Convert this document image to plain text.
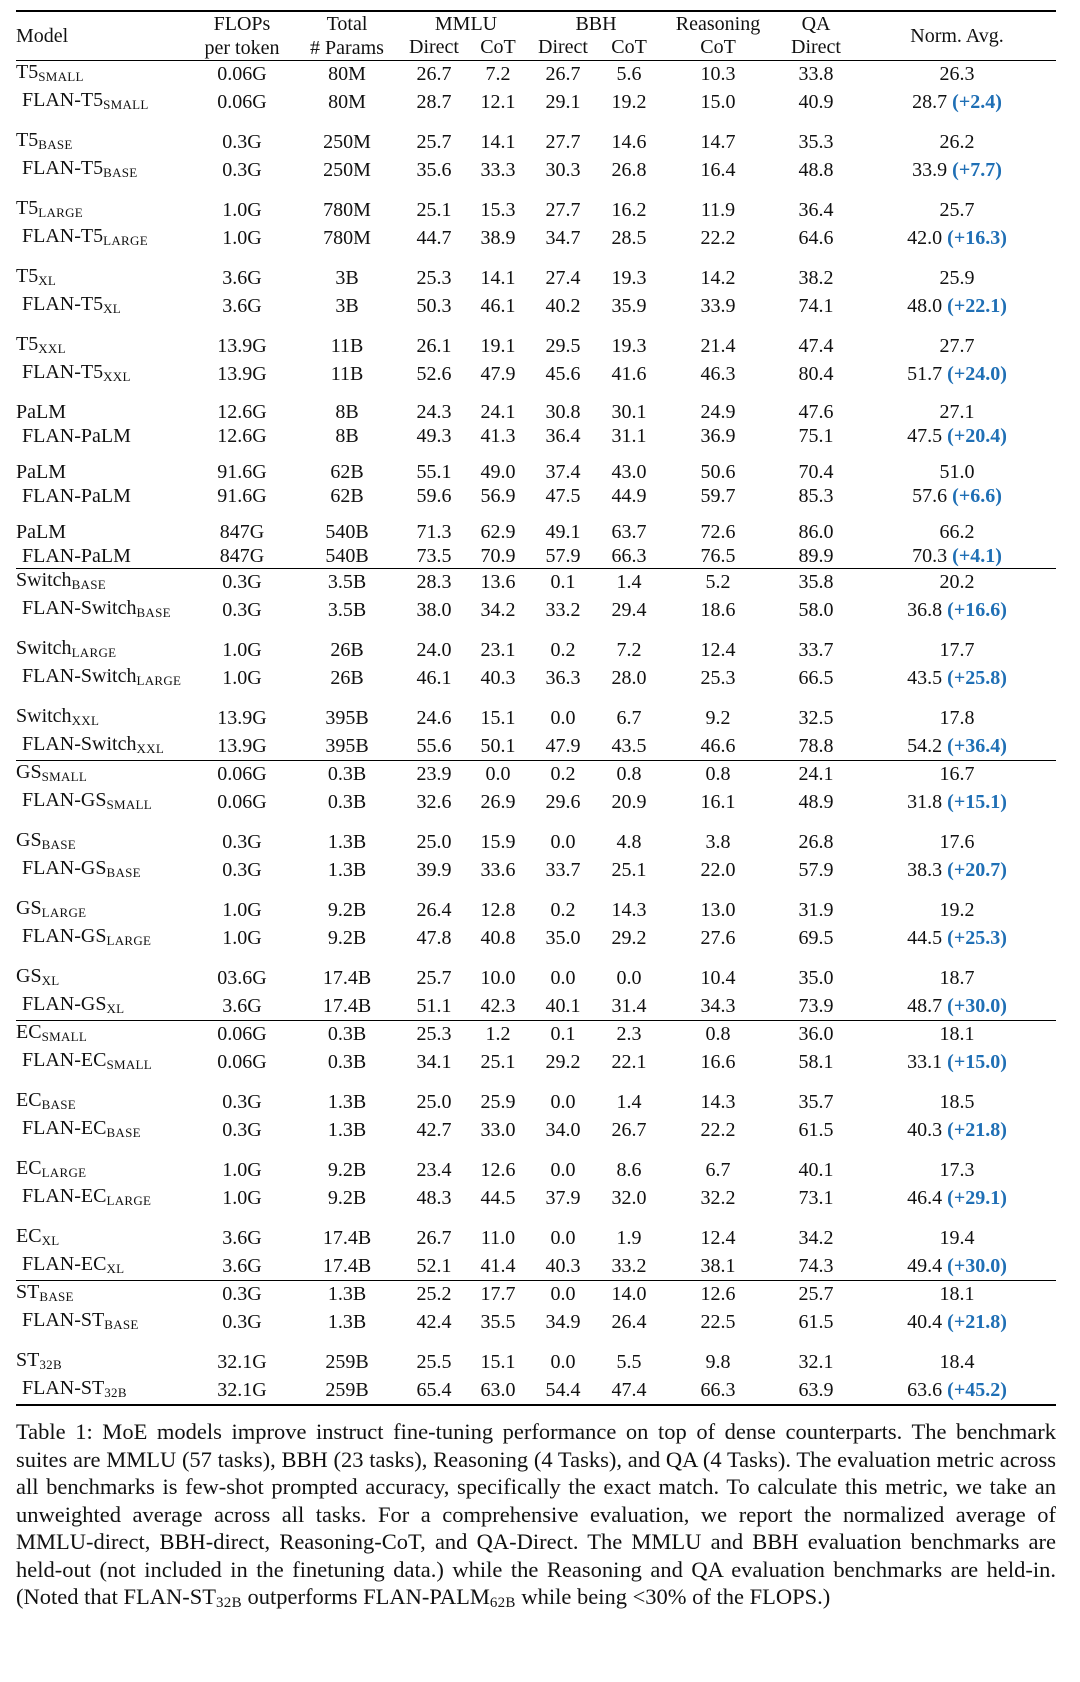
Model	FLOPs	Total	MMLU		BBH		Reasoning	QA	Norm. Avg.
	per token	# Params	Direct	CoT	Direct	CoT	CoT	Direct	
T5SMALL	0.06G	80M	26.7	7.2	26.7	5.6	10.3	33.8	26.3
FLAN-T5SMALL	0.06G	80M	28.7	12.1	29.1	19.2	15.0	40.9	28.7 (+2.4)
T5BASE	0.3G	250M	25.7	14.1	27.7	14.6	14.7	35.3	26.2
FLAN-T5BASE	0.3G	250M	35.6	33.3	30.3	26.8	16.4	48.8	33.9 (+7.7)
T5LARGE	1.0G	780M	25.1	15.3	27.7	16.2	11.9	36.4	25.7
FLAN-T5LARGE	1.0G	780M	44.7	38.9	34.7	28.5	22.2	64.6	42.0 (+16.3)
T5XL	3.6G	3B	25.3	14.1	27.4	19.3	14.2	38.2	25.9
FLAN-T5XL	3.6G	3B	50.3	46.1	40.2	35.9	33.9	74.1	48.0 (+22.1)
T5XXL	13.9G	11B	26.1	19.1	29.5	19.3	21.4	47.4	27.7
FLAN-T5XXL	13.9G	11B	52.6	47.9	45.6	41.6	46.3	80.4	51.7 (+24.0)
PaLM	12.6G	8B	24.3	24.1	30.8	30.1	24.9	47.6	27.1
FLAN-PaLM	12.6G	8B	49.3	41.3	36.4	31.1	36.9	75.1	47.5 (+20.4)
PaLM	91.6G	62B	55.1	49.0	37.4	43.0	50.6	70.4	51.0
FLAN-PaLM	91.6G	62B	59.6	56.9	47.5	44.9	59.7	85.3	57.6 (+6.6)
PaLM	847G	540B	71.3	62.9	49.1	63.7	72.6	86.0	66.2
FLAN-PaLM	847G	540B	73.5	70.9	57.9	66.3	76.5	89.9	70.3 (+4.1)
SwitchBASE	0.3G	3.5B	28.3	13.6	0.1	1.4	5.2	35.8	20.2
FLAN-SwitchBASE	0.3G	3.5B	38.0	34.2	33.2	29.4	18.6	58.0	36.8 (+16.6)
SwitchLARGE	1.0G	26B	24.0	23.1	0.2	7.2	12.4	33.7	17.7
FLAN-SwitchLARGE	1.0G	26B	46.1	40.3	36.3	28.0	25.3	66.5	43.5 (+25.8)
SwitchXXL	13.9G	395B	24.6	15.1	0.0	6.7	9.2	32.5	17.8
FLAN-SwitchXXL	13.9G	395B	55.6	50.1	47.9	43.5	46.6	78.8	54.2 (+36.4)
GSSMALL	0.06G	0.3B	23.9	0.0	0.2	0.8	0.8	24.1	16.7
FLAN-GSSMALL	0.06G	0.3B	32.6	26.9	29.6	20.9	16.1	48.9	31.8 (+15.1)
GSBASE	0.3G	1.3B	25.0	15.9	0.0	4.8	3.8	26.8	17.6
FLAN-GSBASE	0.3G	1.3B	39.9	33.6	33.7	25.1	22.0	57.9	38.3 (+20.7)
GSLARGE	1.0G	9.2B	26.4	12.8	0.2	14.3	13.0	31.9	19.2
FLAN-GSLARGE	1.0G	9.2B	47.8	40.8	35.0	29.2	27.6	69.5	44.5 (+25.3)
GSXL	03.6G	17.4B	25.7	10.0	0.0	0.0	10.4	35.0	18.7
FLAN-GSXL	3.6G	17.4B	51.1	42.3	40.1	31.4	34.3	73.9	48.7 (+30.0)
ECSMALL	0.06G	0.3B	25.3	1.2	0.1	2.3	0.8	36.0	18.1
FLAN-ECSMALL	0.06G	0.3B	34.1	25.1	29.2	22.1	16.6	58.1	33.1 (+15.0)
ECBASE	0.3G	1.3B	25.0	25.9	0.0	1.4	14.3	35.7	18.5
FLAN-ECBASE	0.3G	1.3B	42.7	33.0	34.0	26.7	22.2	61.5	40.3 (+21.8)
ECLARGE	1.0G	9.2B	23.4	12.6	0.0	8.6	6.7	40.1	17.3
FLAN-ECLARGE	1.0G	9.2B	48.3	44.5	37.9	32.0	32.2	73.1	46.4 (+29.1)
ECXL	3.6G	17.4B	26.7	11.0	0.0	1.9	12.4	34.2	19.4
FLAN-ECXL	3.6G	17.4B	52.1	41.4	40.3	33.2	38.1	74.3	49.4 (+30.0)
STBASE	0.3G	1.3B	25.2	17.7	0.0	14.0	12.6	25.7	18.1
FLAN-STBASE	0.3G	1.3B	42.4	35.5	34.9	26.4	22.5	61.5	40.4 (+21.8)
ST32B	32.1G	259B	25.5	15.1	0.0	5.5	9.8	32.1	18.4
FLAN-ST32B	32.1G	259B	65.4	63.0	54.4	47.4	66.3	63.9	63.6 (+45.2)
Table 1: MoE models improve instruct fine-tuning performance on top of dense counterparts. The benchmark suites are MMLU (57 tasks), BBH (23 tasks), Reasoning (4 Tasks), and QA (4 Tasks). The evaluation metric across all benchmarks is few-shot prompted accuracy, specifically the exact match. To calculate this metric, we take an unweighted average across all tasks. For a comprehensive evaluation, we report the normalized average of MMLU-direct, BBH-direct, Reasoning-CoT, and QA-Direct. The MMLU and BBH evaluation benchmarks are held-out (not included in the finetuning data.) while the Reasoning and QA evaluation benchmarks are held-in. (Noted that FLAN-ST32B outperforms FLAN-PALM62B while being <30% of the FLOPS.)
